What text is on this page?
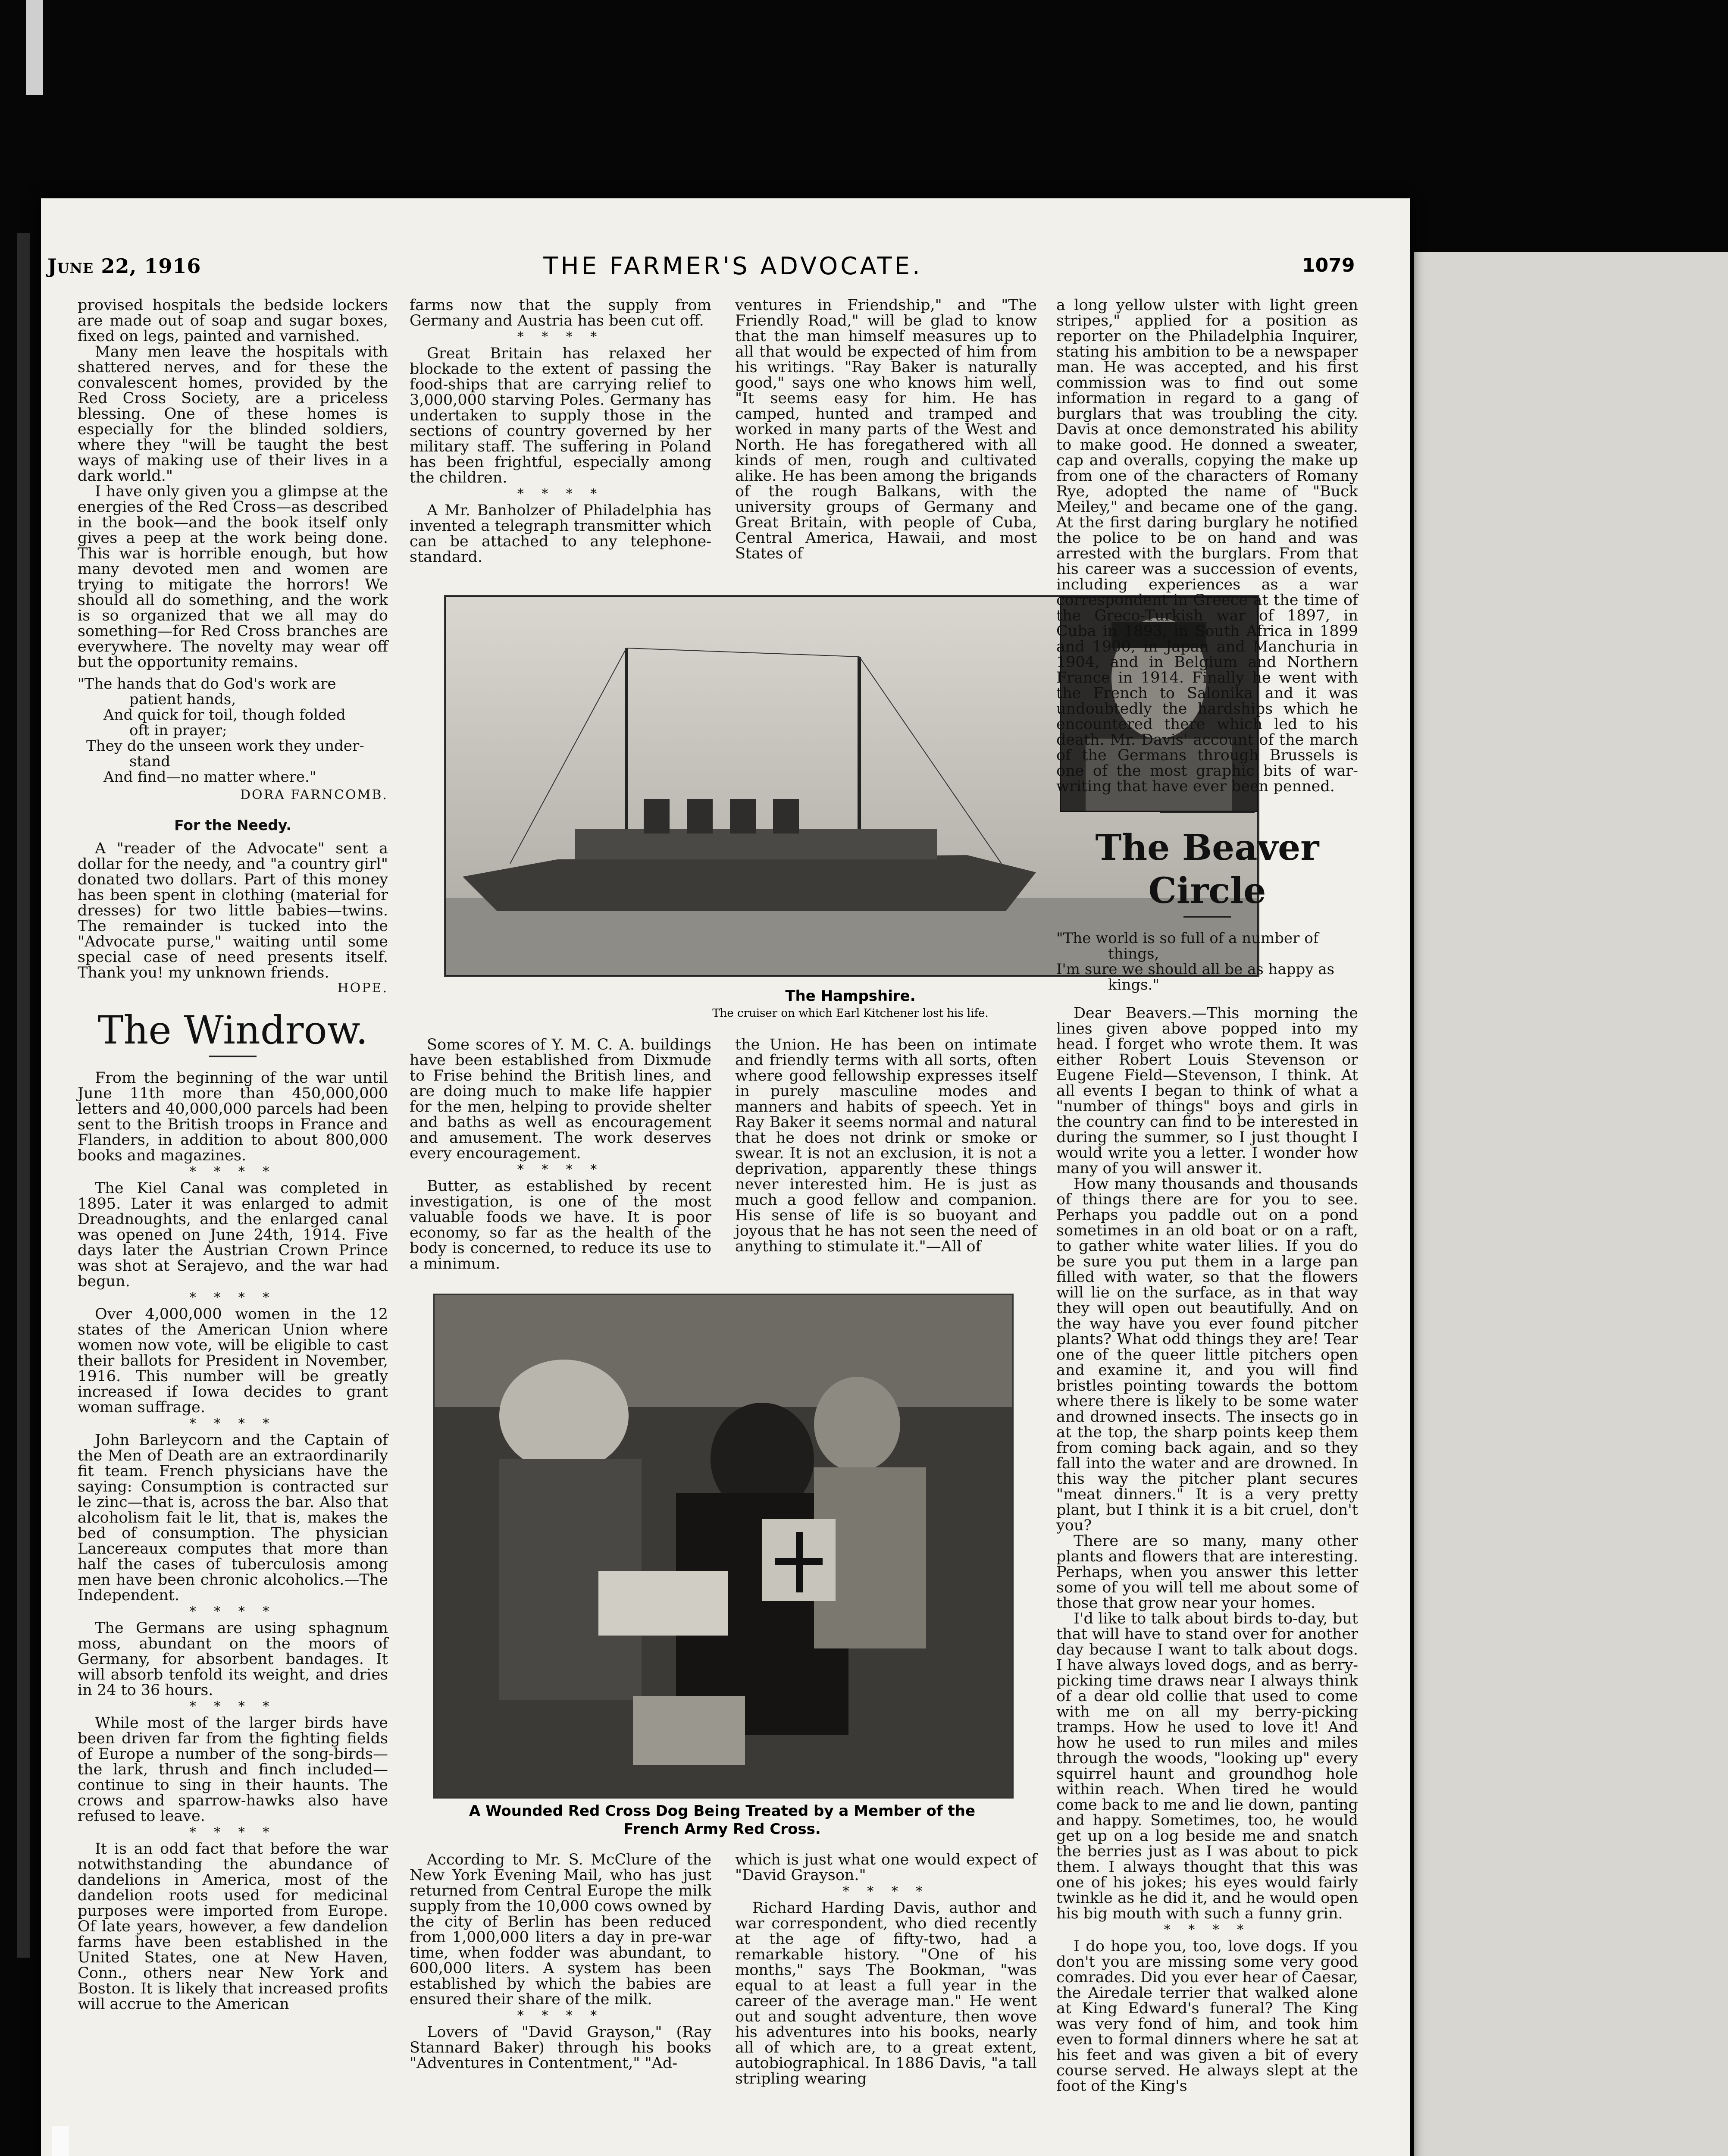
June 22, 1916	THE FARMER'S ADVOCATE.	1079

provised hospitals the bedside lockers are made out of soap and sugar boxes, fixed on legs, painted and varnished.

Many men leave the hospitals with shattered nerves, and for these the convalescent homes, provided by the Red Cross Society, are a priceless blessing. One of these homes is especially for the blinded soldiers, where they "will be taught the best ways of making use of their lives in a dark world."

I have only given you a glimpse at the energies of the Red Cross—as described in the book—and the book itself only gives a peep at the work being done. This war is horrible enough, but how many devoted men and women are trying to mitigate the horrors! We should all do something, and the work is so organized that we all may do something—for Red Cross branches are everywhere. The novelty may wear off but the opportunity remains.

"The hands that do God's work are
patient hands,
And quick for toil, though folded
oft in prayer;
They do the unseen work they under-
stand
And find—no matter where."
DORA FARNCOMB.
For the Needy.

A "reader of the Advocate" sent a dollar for the needy, and "a country girl" donated two dollars. Part of this money has been spent in clothing (material for dresses) for two little babies—twins. The remainder is tucked into the "Advocate purse," waiting until some special case of need presents itself. Thank you! my unknown friends.

HOPE.
The Windrow.

From the beginning of the war until June 11th more than 450,000,000 letters and 40,000,000 parcels had been sent to the British troops in France and Flanders, in addition to about 800,000 books and magazines.

* * * *

The Kiel Canal was completed in 1895. Later it was enlarged to admit Dreadnoughts, and the enlarged canal was opened on June 24th, 1914. Five days later the Austrian Crown Prince was shot at Serajevo, and the war had begun.

* * * *

Over 4,000,000 women in the 12 states of the American Union where women now vote, will be eligible to cast their ballots for President in November, 1916. This number will be greatly increased if Iowa decides to grant woman suffrage.

* * * *

John Barleycorn and the Captain of the Men of Death are an extraordinarily fit team. French physicians have the saying: Consumption is contracted sur le zinc—that is, across the bar. Also that alcoholism fait le lit, that is, makes the bed of consumption. The physician Lancereaux computes that more than half the cases of tuberculosis among men have been chronic alcoholics.—The Independent.

* * * *

The Germans are using sphagnum moss, abundant on the moors of Germany, for absorbent bandages. It will absorb tenfold its weight, and dries in 24 to 36 hours.

* * * *

While most of the larger birds have been driven far from the fighting fields of Europe a number of the song-birds—the lark, thrush and finch included—continue to sing in their haunts. The crows and sparrow-hawks also have refused to leave.

* * * *

It is an odd fact that before the war notwithstanding the abundance of dandelions in America, most of the dandelion roots used for medicinal purposes were imported from Europe. Of late years, however, a few dandelion farms have been established in the United States, one at New Haven, Conn., others near New York and Boston. It is likely that increased profits will accrue to the American

farms now that the supply from Germany and Austria has been cut off.

* * * *

Great Britain has relaxed her blockade to the extent of passing the food-ships that are carrying relief to 3,000,000 starving Poles. Germany has undertaken to supply those in the sections of country governed by her military staff. The suffering in Poland has been frightful, especially among the children.

* * * *

A Mr. Banholzer of Philadelphia has invented a telegraph transmitter which can be attached to any telephone-standard.

ventures in Friendship," and "The Friendly Road," will be glad to know that the man himself measures up to all that would be expected of him from his writings. "Ray Baker is naturally good," says one who knows him well, "It seems easy for him. He has camped, hunted and tramped and worked in many parts of the West and North. He has foregathered with all kinds of men, rough and cultivated alike. He has been among the brigands of the rough Balkans, with the university groups of Germany and Great Britain, with people of Cuba, Central America, Hawaii, and most States of

The Hampshire.
The cruiser on which Earl Kitchener lost his life.

Some scores of Y. M. C. A. buildings have been established from Dixmude to Frise behind the British lines, and are doing much to make life happier for the men, helping to provide shelter and baths as well as encouragement and amusement. The work deserves every encouragement.

* * * *

Butter, as established by recent investigation, is one of the most valuable foods we have. It is poor economy, so far as the health of the body is concerned, to reduce its use to a minimum.

the Union. He has been on intimate and friendly terms with all sorts, often where good fellowship expresses itself in purely masculine modes and manners and habits of speech. Yet in Ray Baker it seems normal and natural that he does not drink or smoke or swear. It is not an exclusion, it is not a deprivation, apparently these things never interested him. He is just as much a good fellow and companion. His sense of life is so buoyant and joyous that he has not seen the need of anything to stimulate it."—All of

A Wounded Red Cross Dog Being Treated by a Member of the
French Army Red Cross.

According to Mr. S. McClure of the New York Evening Mail, who has just returned from Central Europe the milk supply from the 10,000 cows owned by the city of Berlin has been reduced from 1,000,000 liters a day in pre-war time, when fodder was abundant, to 600,000 liters. A system has been established by which the babies are ensured their share of the milk.

* * * *

Lovers of "David Grayson," (Ray Stannard Baker) through his books "Adventures in Contentment," "Ad-

which is just what one would expect of "David Grayson."

* * * *

Richard Harding Davis, author and war correspondent, who died recently at the age of fifty-two, had a remarkable history. "One of his months," says The Bookman, "was equal to at least a full year in the career of the average man." He went out and sought adventure, then wove his adventures into his books, nearly all of which are, to a great extent, autobiographical. In 1886 Davis, "a tall stripling wearing

a long yellow ulster with light green stripes," applied for a position as reporter on the Philadelphia Inquirer, stating his ambition to be a newspaper man. He was accepted, and his first commission was to find out some information in regard to a gang of burglars that was troubling the city. Davis at once demonstrated his ability to make good. He donned a sweater, cap and overalls, copying the make up from one of the characters of Romany Rye, adopted the name of "Buck Meiley," and became one of the gang. At the first daring burglary he notified the police to be on hand and was arrested with the burglars. From that his career was a succession of events, including experiences as a war correspondent in Greece at the time of the Greco-Turkish war of 1897, in Cuba in 1893, in South Africa in 1899 and 1900, in Japan and Manchuria in 1904, and in Belgium and Northern France in 1914. Finally he went with the French to Salonika and it was undoubtedly the hardships which he encountered there which led to his death. Mr. Davis' account of the march of the Germans through Brussels is one of the most graphic bits of war-writing that have ever been penned.

The Beaver Circle
"The world is so full of a number of
things,
I'm sure we should all be as happy as
kings."

Dear Beavers.—This morning the lines given above popped into my head. I forget who wrote them. It was either Robert Louis Stevenson or Eugene Field—Stevenson, I think. At all events I began to think of what a "number of things" boys and girls in the country can find to be interested in during the summer, so I just thought I would write you a letter. I wonder how many of you will answer it.

How many thousands and thousands of things there are for you to see. Perhaps you paddle out on a pond sometimes in an old boat or on a raft, to gather white water lilies. If you do be sure you put them in a large pan filled with water, so that the flowers will lie on the surface, as in that way they will open out beautifully. And on the way have you ever found pitcher plants? What odd things they are! Tear one of the queer little pitchers open and examine it, and you will find bristles pointing towards the bottom where there is likely to be some water and drowned insects. The insects go in at the top, the sharp points keep them from coming back again, and so they fall into the water and are drowned. In this way the pitcher plant secures "meat dinners." It is a very pretty plant, but I think it is a bit cruel, don't you?

There are so many, many other plants and flowers that are interesting. Perhaps, when you answer this letter some of you will tell me about some of those that grow near your homes.

I'd like to talk about birds to-day, but that will have to stand over for another day because I want to talk about dogs. I have always loved dogs, and as berry-picking time draws near I always think of a dear old collie that used to come with me on all my berry-picking tramps. How he used to love it! And how he used to run miles and miles through the woods, "looking up" every squirrel haunt and groundhog hole within reach. When tired he would come back to me and lie down, panting and happy. Sometimes, too, he would get up on a log beside me and snatch the berries just as I was about to pick them. I always thought that this was one of his jokes; his eyes would fairly twinkle as he did it, and he would open his big mouth with such a funny grin.

* * * *

I do hope you, too, love dogs. If you don't you are missing some very good comrades. Did you ever hear of Caesar, the Airedale terrier that walked alone at King Edward's funeral? The King was very fond of him, and took him even to formal dinners where he sat at his feet and was given a bit of every course served. He always slept at the foot of the King's
